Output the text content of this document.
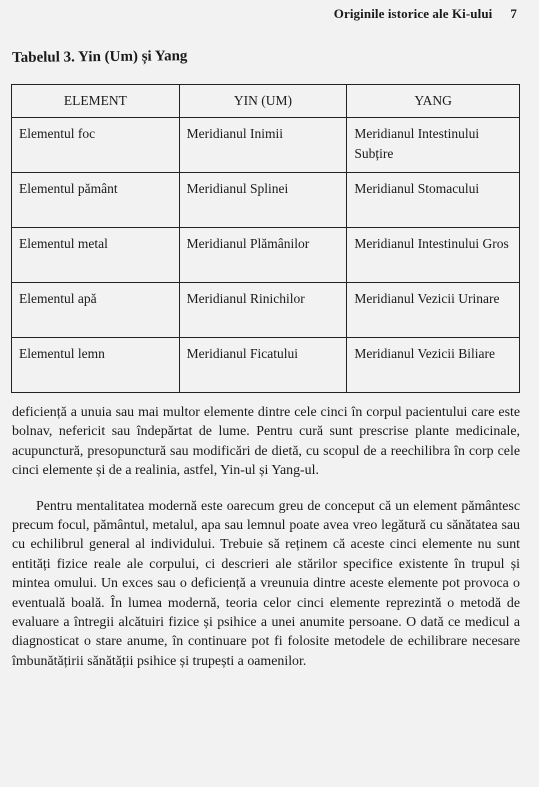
Originile istorice ale Ki-ului 7
Tabelul 3. Yin (Um) și Yang
ELEMENT	YIN (UM)	YANG
Elementul foc	Meridianul Inimii	Meridianul Intestinului Subțire
Elementul pământ	Meridianul Splinei	Meridianul Stomacului
Elementul metal	Meridianul Plămânilor	Meridianul Intestinului Gros
Elementul apă	Meridianul Rinichilor	Meridianul Vezicii Urinare
Elementul lemn	Meridianul Ficatului	Meridianul Vezicii Biliare

deficiență a unuia sau mai multor elemente dintre cele cinci în corpul pacientului care este bolnav, nefericit sau îndepărtat de lume. Pentru cură sunt prescrise plante medicinale, acupunctură, presopunctură sau modificări de dietă, cu scopul de a reechilibra în corp cele cinci elemente și de a realinia, astfel, Yin-ul și Yang-ul.

Pentru mentalitatea modernă este oarecum greu de conceput că un element pământesc precum focul, pământul, metalul, apa sau lemnul poate avea vreo legătură cu sănătatea sau cu echilibrul general al individului. Trebuie să reținem că aceste cinci elemente nu sunt entități fizice reale ale corpului, ci descrieri ale stărilor specifice existente în trupul și mintea omului. Un exces sau o deficiență a vreunuia dintre aceste elemente pot provoca o eventuală boală. În lumea modernă, teoria celor cinci elemente reprezintă o metodă de evaluare a întregii alcătuiri fizice și psihice a unei anumite persoane. O dată ce medicul a diagnosticat o stare anume, în continuare pot fi folosite metodele de echilibrare necesare îmbunătățirii sănătății psihice și trupești a oamenilor.
